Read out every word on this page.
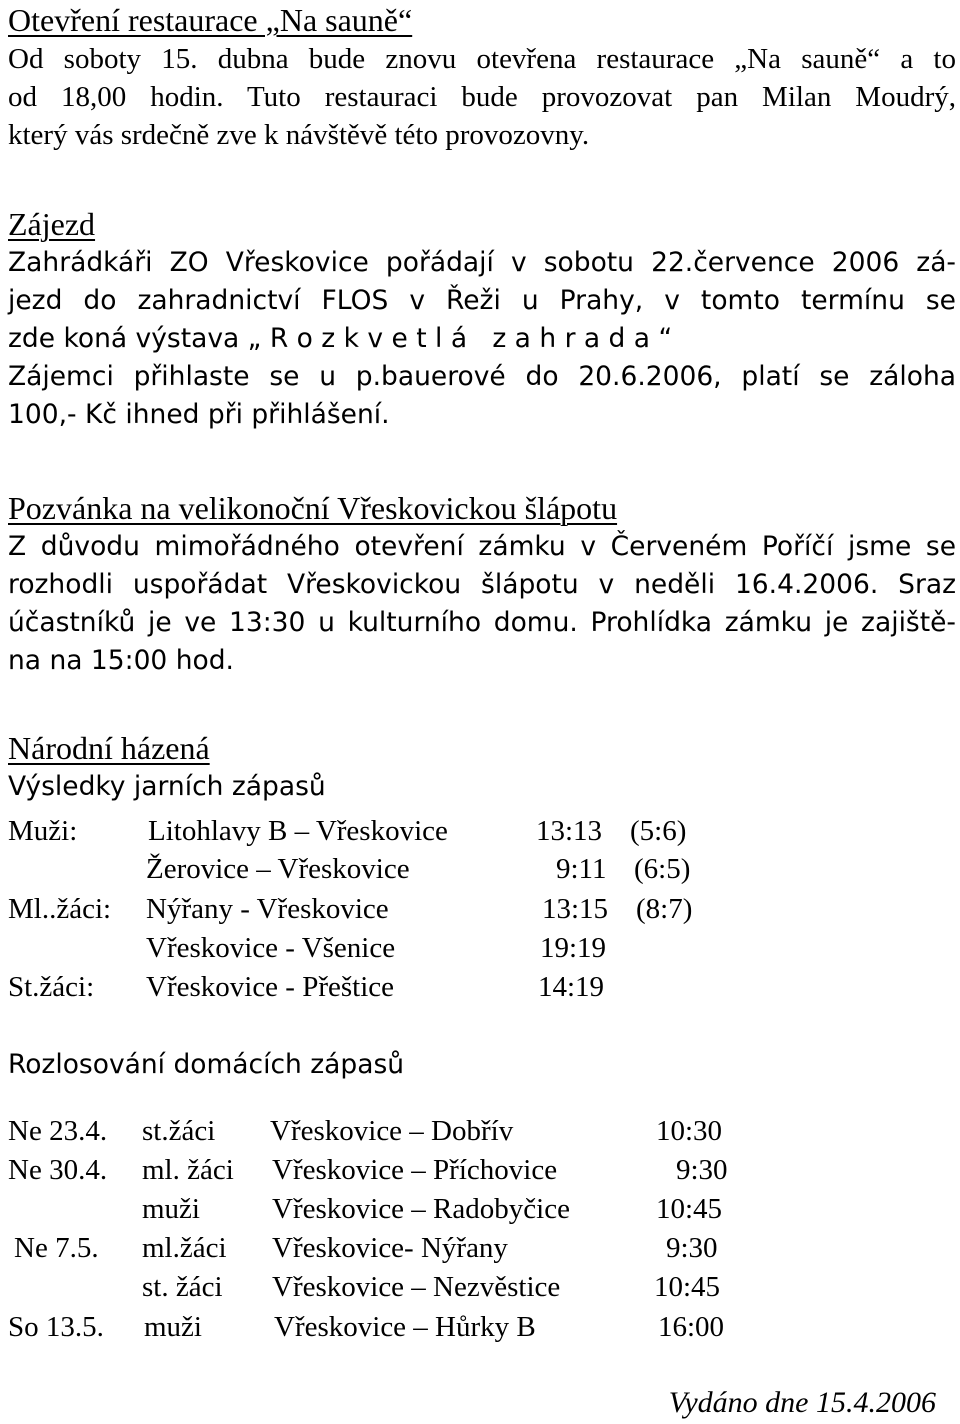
Otevření restaurace „Na sauně“
Od soboty 15. dubna bude znovu otevřena restaurace „Na sauně“ a to
od 18,00 hodin. Tuto restauraci bude provozovat pan Milan Moudrý,
který vás srdečně zve k návštěvě této provozovny.
Zájezd
Zahrádkáři ZO Vřeskovice pořádají v sobotu 22.července 2006 zá-
jezd do zahradnictví FLOS v Řeži u Prahy, v tomto termínu se
zde koná výstava „ R o z k v e t l á   z a h r a d a “
Zájemci přihlaste se u p.bauerové do 20.6.2006, platí se záloha
100,- Kč ihned při přihlášení.
Pozvánka na velikonoční Vřeskovickou šlápotu
Z důvodu mimořádného otevření zámku v Červeném Poříčí jsme se
rozhodli uspořádat Vřeskovickou šlápotu v neděli 16.4.2006. Sraz
účastníků je ve 13:30 u kulturního domu. Prohlídka zámku je zajiště-
na na 15:00 hod.
Národní házená
Výsledky jarních zápasů
Muži: Litohlavy B – Vřeskovice	13:13 (5:6)
Žerovice – Vřeskovice	9:11 (6:5)
Ml..žáci: Nýřany - Vřeskovice	13:15 (8:7)
Vřeskovice - Všenice	19:19
St.žáci: Vřeskovice - Přeštice	14:19
Rozlosování domácích zápasů
Ne 23.4. st.žáci Vřeskovice – Dobřív	10:30
Ne 30.4. ml. žáci Vřeskovice – Příchovice	9:30
muži Vřeskovice – Radobyčice	10:45
Ne 7.5. ml.žáci Vřeskovice- Nýřany	9:30
st. žáci Vřeskovice – Nezvěstice	10:45
So 13.5. muži Vřeskovice – Hůrky B	16:00
Vydáno dne 15.4.2006
